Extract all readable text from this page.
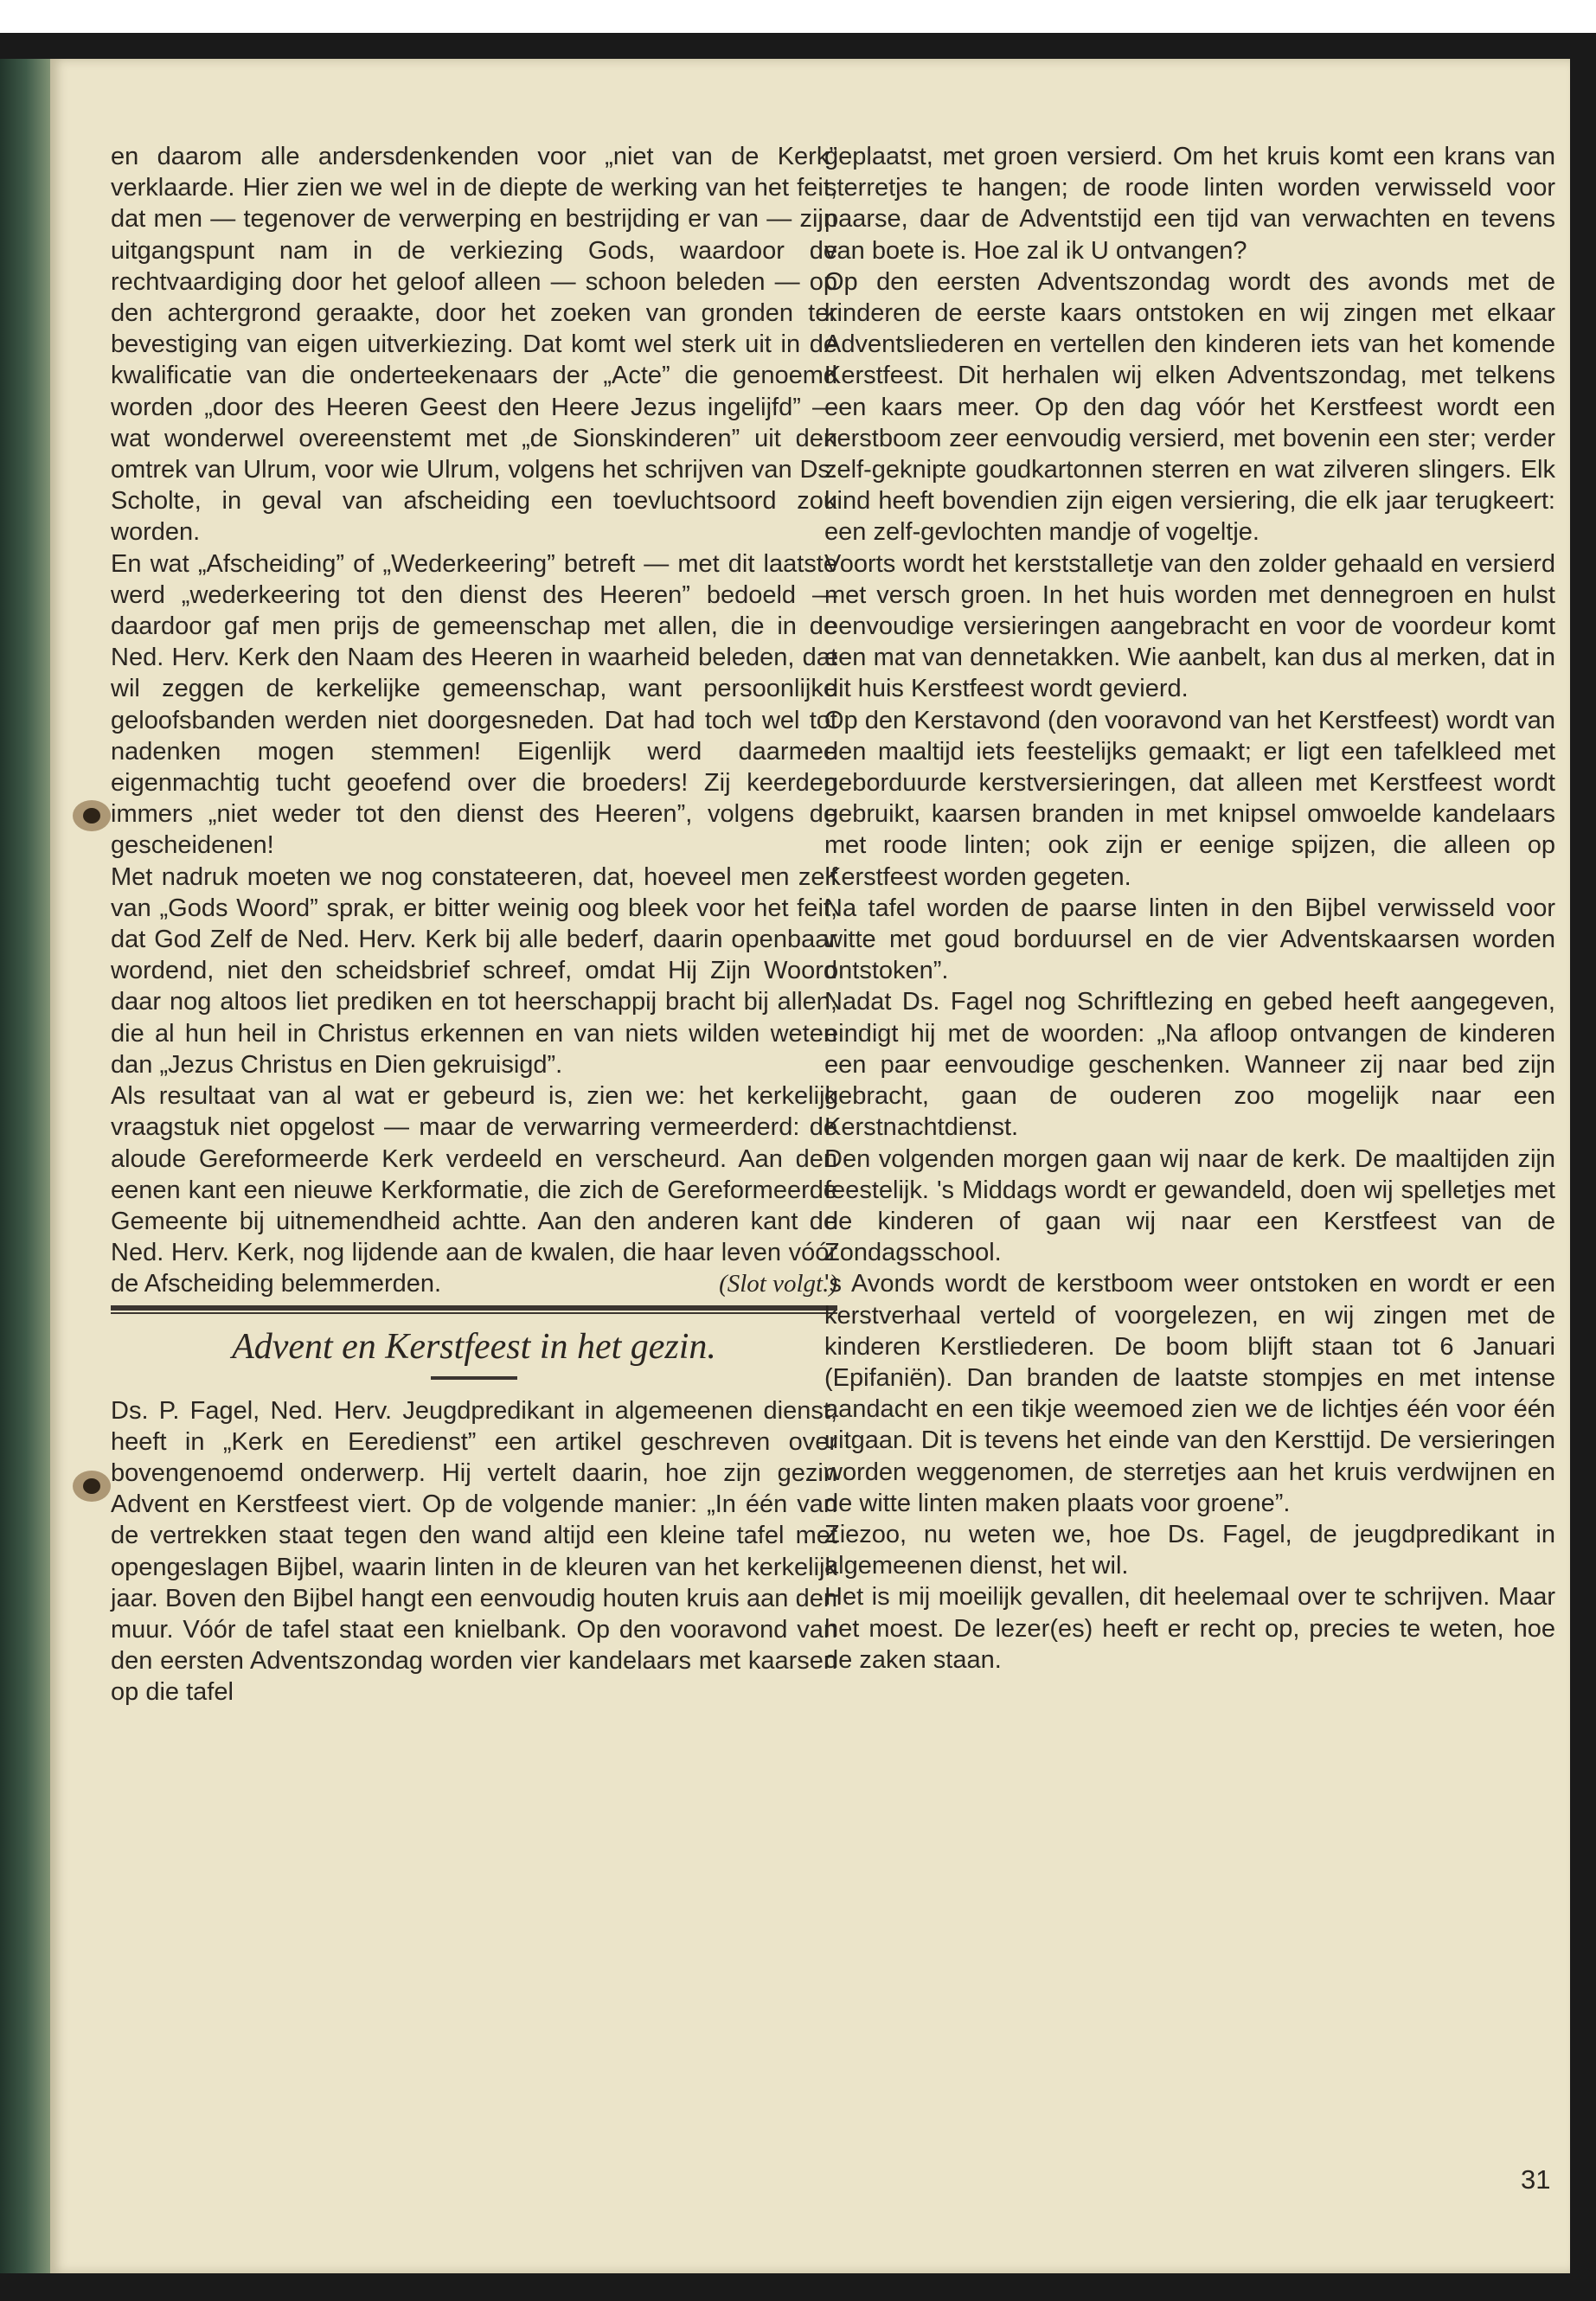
en daarom alle andersdenkenden voor „niet van de Kerk” verklaarde. Hier zien we wel in de diepte de werking van het feit, dat men — tegenover de verwerping en bestrijding er van — zijn uitgangspunt nam in de verkiezing Gods, waardoor de rechtvaardiging door het geloof alleen — schoon beleden — op den achtergrond geraakte, door het zoeken van gronden ter bevestiging van eigen uitverkiezing. Dat komt wel sterk uit in de kwalificatie van die onderteekenaars der „Acte” die genoemd worden „door des Heeren Geest den Heere Jezus ingelijfd” — wat wonderwel overeenstemt met „de Sionskinderen” uit den omtrek van Ulrum, voor wie Ulrum, volgens het schrijven van Ds. Scholte, in geval van afscheiding een toevluchtsoord zou worden.

En wat „Afscheiding” of „Wederkeering” betreft — met dit laatste werd „wederkeering tot den dienst des Heeren” bedoeld — daardoor gaf men prijs de gemeenschap met allen, die in de Ned. Herv. Kerk den Naam des Heeren in waarheid beleden, dat wil zeggen de kerkelijke gemeenschap, want persoonlijke geloofsbanden werden niet doorgesneden. Dat had toch wel tot nadenken mogen stemmen! Eigenlijk werd daarmee eigenmachtig tucht geoefend over die broeders! Zij keerden immers „niet weder tot den dienst des Heeren”, volgens de gescheidenen!

Met nadruk moeten we nog constateeren, dat, hoeveel men zelf van „Gods Woord” sprak, er bitter weinig oog bleek voor het feit, dat God Zelf de Ned. Herv. Kerk bij alle bederf, daarin openbaar wordend, niet den scheidsbrief schreef, omdat Hij Zijn Woord daar nog altoos liet prediken en tot heerschappij bracht bij allen, die al hun heil in Christus erkennen en van niets wilden weten dan „Jezus Christus en Dien gekruisigd”.

Als resultaat van al wat er gebeurd is, zien we: het kerkelijk vraagstuk niet opgelost — maar de verwarring vermeerderd: de aloude Gereformeerde Kerk verdeeld en verscheurd. Aan den eenen kant een nieuwe Kerkformatie, die zich de Gereformeerde Gemeente bij uitnemendheid achtte. Aan den anderen kant de Ned. Herv. Kerk, nog lijdende aan de kwalen, die haar leven vóór de Afscheiding belemmerden.	(Slot volgt.)

Advent en Kerstfeest in het gezin.

Ds. P. Fagel, Ned. Herv. Jeugdpredikant in algemeenen dienst, heeft in „Kerk en Eeredienst” een artikel geschreven over bovengenoemd onderwerp. Hij vertelt daarin, hoe zijn gezin Advent en Kerstfeest viert. Op de volgende manier: „In één van de vertrekken staat tegen den wand altijd een kleine tafel met opengeslagen Bijbel, waarin linten in de kleuren van het kerkelijk jaar. Boven den Bijbel hangt een eenvoudig houten kruis aan den muur. Vóór de tafel staat een knielbank. Op den vooravond van den eersten Adventszondag worden vier kandelaars met kaarsen op die tafel

geplaatst, met groen versierd. Om het kruis komt een krans van sterretjes te hangen; de roode linten worden verwisseld voor paarse, daar de Adventstijd een tijd van verwachten en tevens van boete is. Hoe zal ik U ontvangen?

Op den eersten Adventszondag wordt des avonds met de kinderen de eerste kaars ontstoken en wij zingen met elkaar Adventsliederen en vertellen den kinderen iets van het komende Kerstfeest. Dit herhalen wij elken Adventszondag, met telkens een kaars meer. Op den dag vóór het Kerstfeest wordt een kerstboom zeer eenvoudig versierd, met bovenin een ster; verder zelf-geknipte goudkartonnen sterren en wat zilveren slingers. Elk kind heeft bovendien zijn eigen versiering, die elk jaar terugkeert: een zelf-gevlochten mandje of vogeltje.

Voorts wordt het kerststalletje van den zolder gehaald en versierd met versch groen. In het huis worden met dennegroen en hulst eenvoudige versieringen aangebracht en voor de voordeur komt een mat van dennetakken. Wie aanbelt, kan dus al merken, dat in dit huis Kerstfeest wordt gevierd.

Op den Kerstavond (den vooravond van het Kerstfeest) wordt van den maaltijd iets feestelijks gemaakt; er ligt een tafelkleed met geborduurde kerstversieringen, dat alleen met Kerstfeest wordt gebruikt, kaarsen branden in met knipsel omwoelde kandelaars met roode linten; ook zijn er eenige spijzen, die alleen op Kerstfeest worden gegeten.

Na tafel worden de paarse linten in den Bijbel verwisseld voor witte met goud borduursel en de vier Adventskaarsen worden ontstoken”.

Nadat Ds. Fagel nog Schriftlezing en gebed heeft aangegeven, eindigt hij met de woorden: „Na afloop ontvangen de kinderen een paar eenvoudige geschenken. Wanneer zij naar bed zijn gebracht, gaan de ouderen zoo mogelijk naar een Kerstnachtdienst.

Den volgenden morgen gaan wij naar de kerk. De maaltijden zijn feestelijk. 's Middags wordt er gewandeld, doen wij spelletjes met de kinderen of gaan wij naar een Kerstfeest van de Zondagsschool.

's Avonds wordt de kerstboom weer ontstoken en wordt er een kerstverhaal verteld of voorgelezen, en wij zingen met de kinderen Kerstliederen. De boom blijft staan tot 6 Januari (Epifaniën). Dan branden de laatste stompjes en met intense aandacht en een tikje weemoed zien we de lichtjes één voor één uitgaan. Dit is tevens het einde van den Kersttijd. De versieringen worden weggenomen, de sterretjes aan het kruis verdwijnen en de witte linten maken plaats voor groene”.

Ziezoo, nu weten we, hoe Ds. Fagel, de jeugdpredikant in algemeenen dienst, het wil.

Het is mij moeilijk gevallen, dit heelemaal over te schrijven. Maar het moest. De lezer(es) heeft er recht op, precies te weten, hoe de zaken staan.

31
